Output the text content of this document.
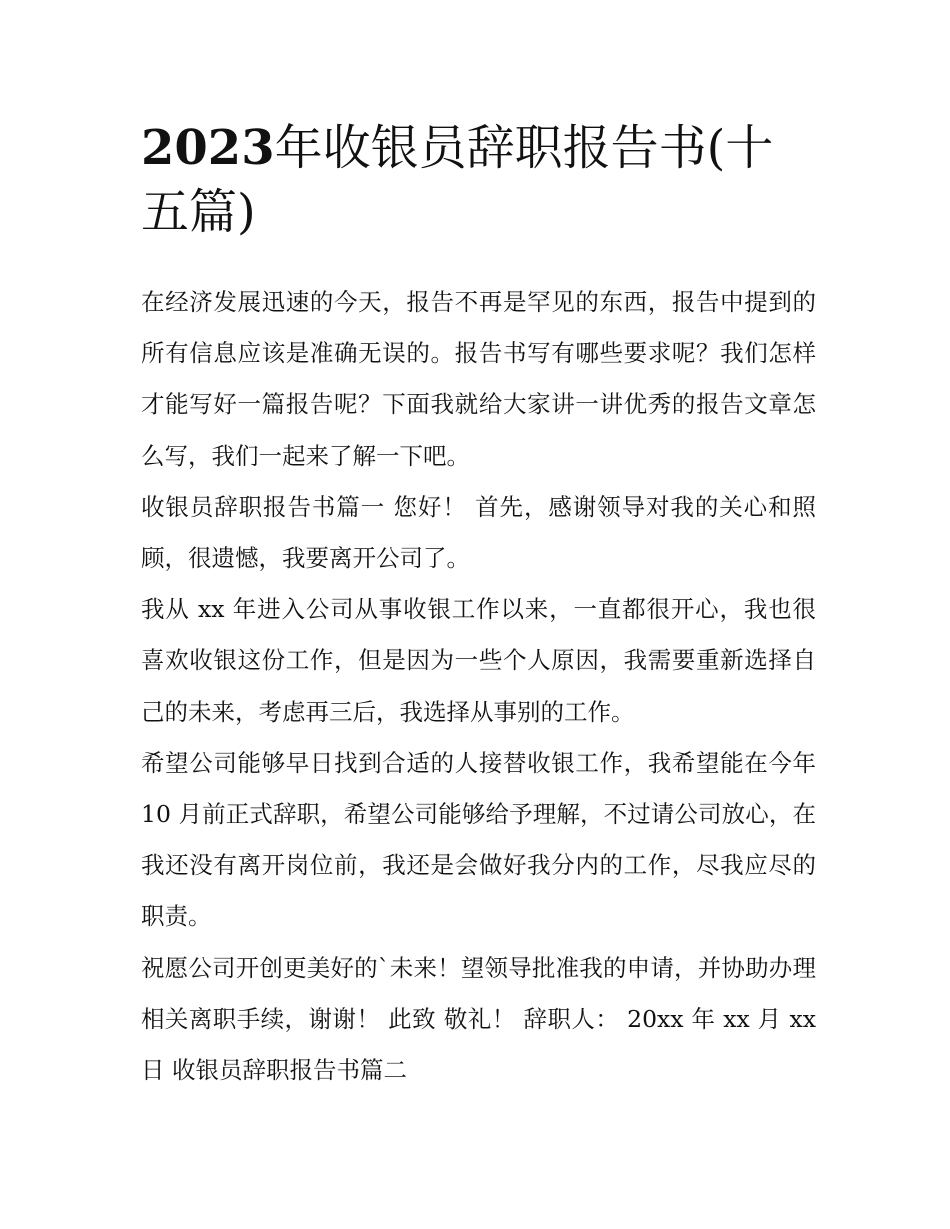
2023年收银员辞职报告书(十五篇)

在经济发展迅速的今天，报告不再是罕见的东西，报告中提到的所有信息应该是准确无误的。报告书写有哪些要求呢？我们怎样才能写好一篇报告呢？下面我就给大家讲一讲优秀的报告文章怎么写，我们一起来了解一下吧。

收银员辞职报告书篇一 您好！ 首先，感谢领导对我的关心和照顾，很遗憾，我要离开公司了。

我从 xx 年进入公司从事收银工作以来，一直都很开心，我也很喜欢收银这份工作，但是因为一些个人原因，我需要重新选择自己的未来，考虑再三后，我选择从事别的工作。

希望公司能够早日找到合适的人接替收银工作，我希望能在今年 10 月前正式辞职，希望公司能够给予理解，不过请公司放心，在我还没有离开岗位前，我还是会做好我分内的工作，尽我应尽的职责。

祝愿公司开创更美好的`未来！望领导批准我的申请，并协助办理相关离职手续，谢谢！ 此致 敬礼！ 辞职人： 20xx 年 xx 月 xx 日 收银员辞职报告书篇二
